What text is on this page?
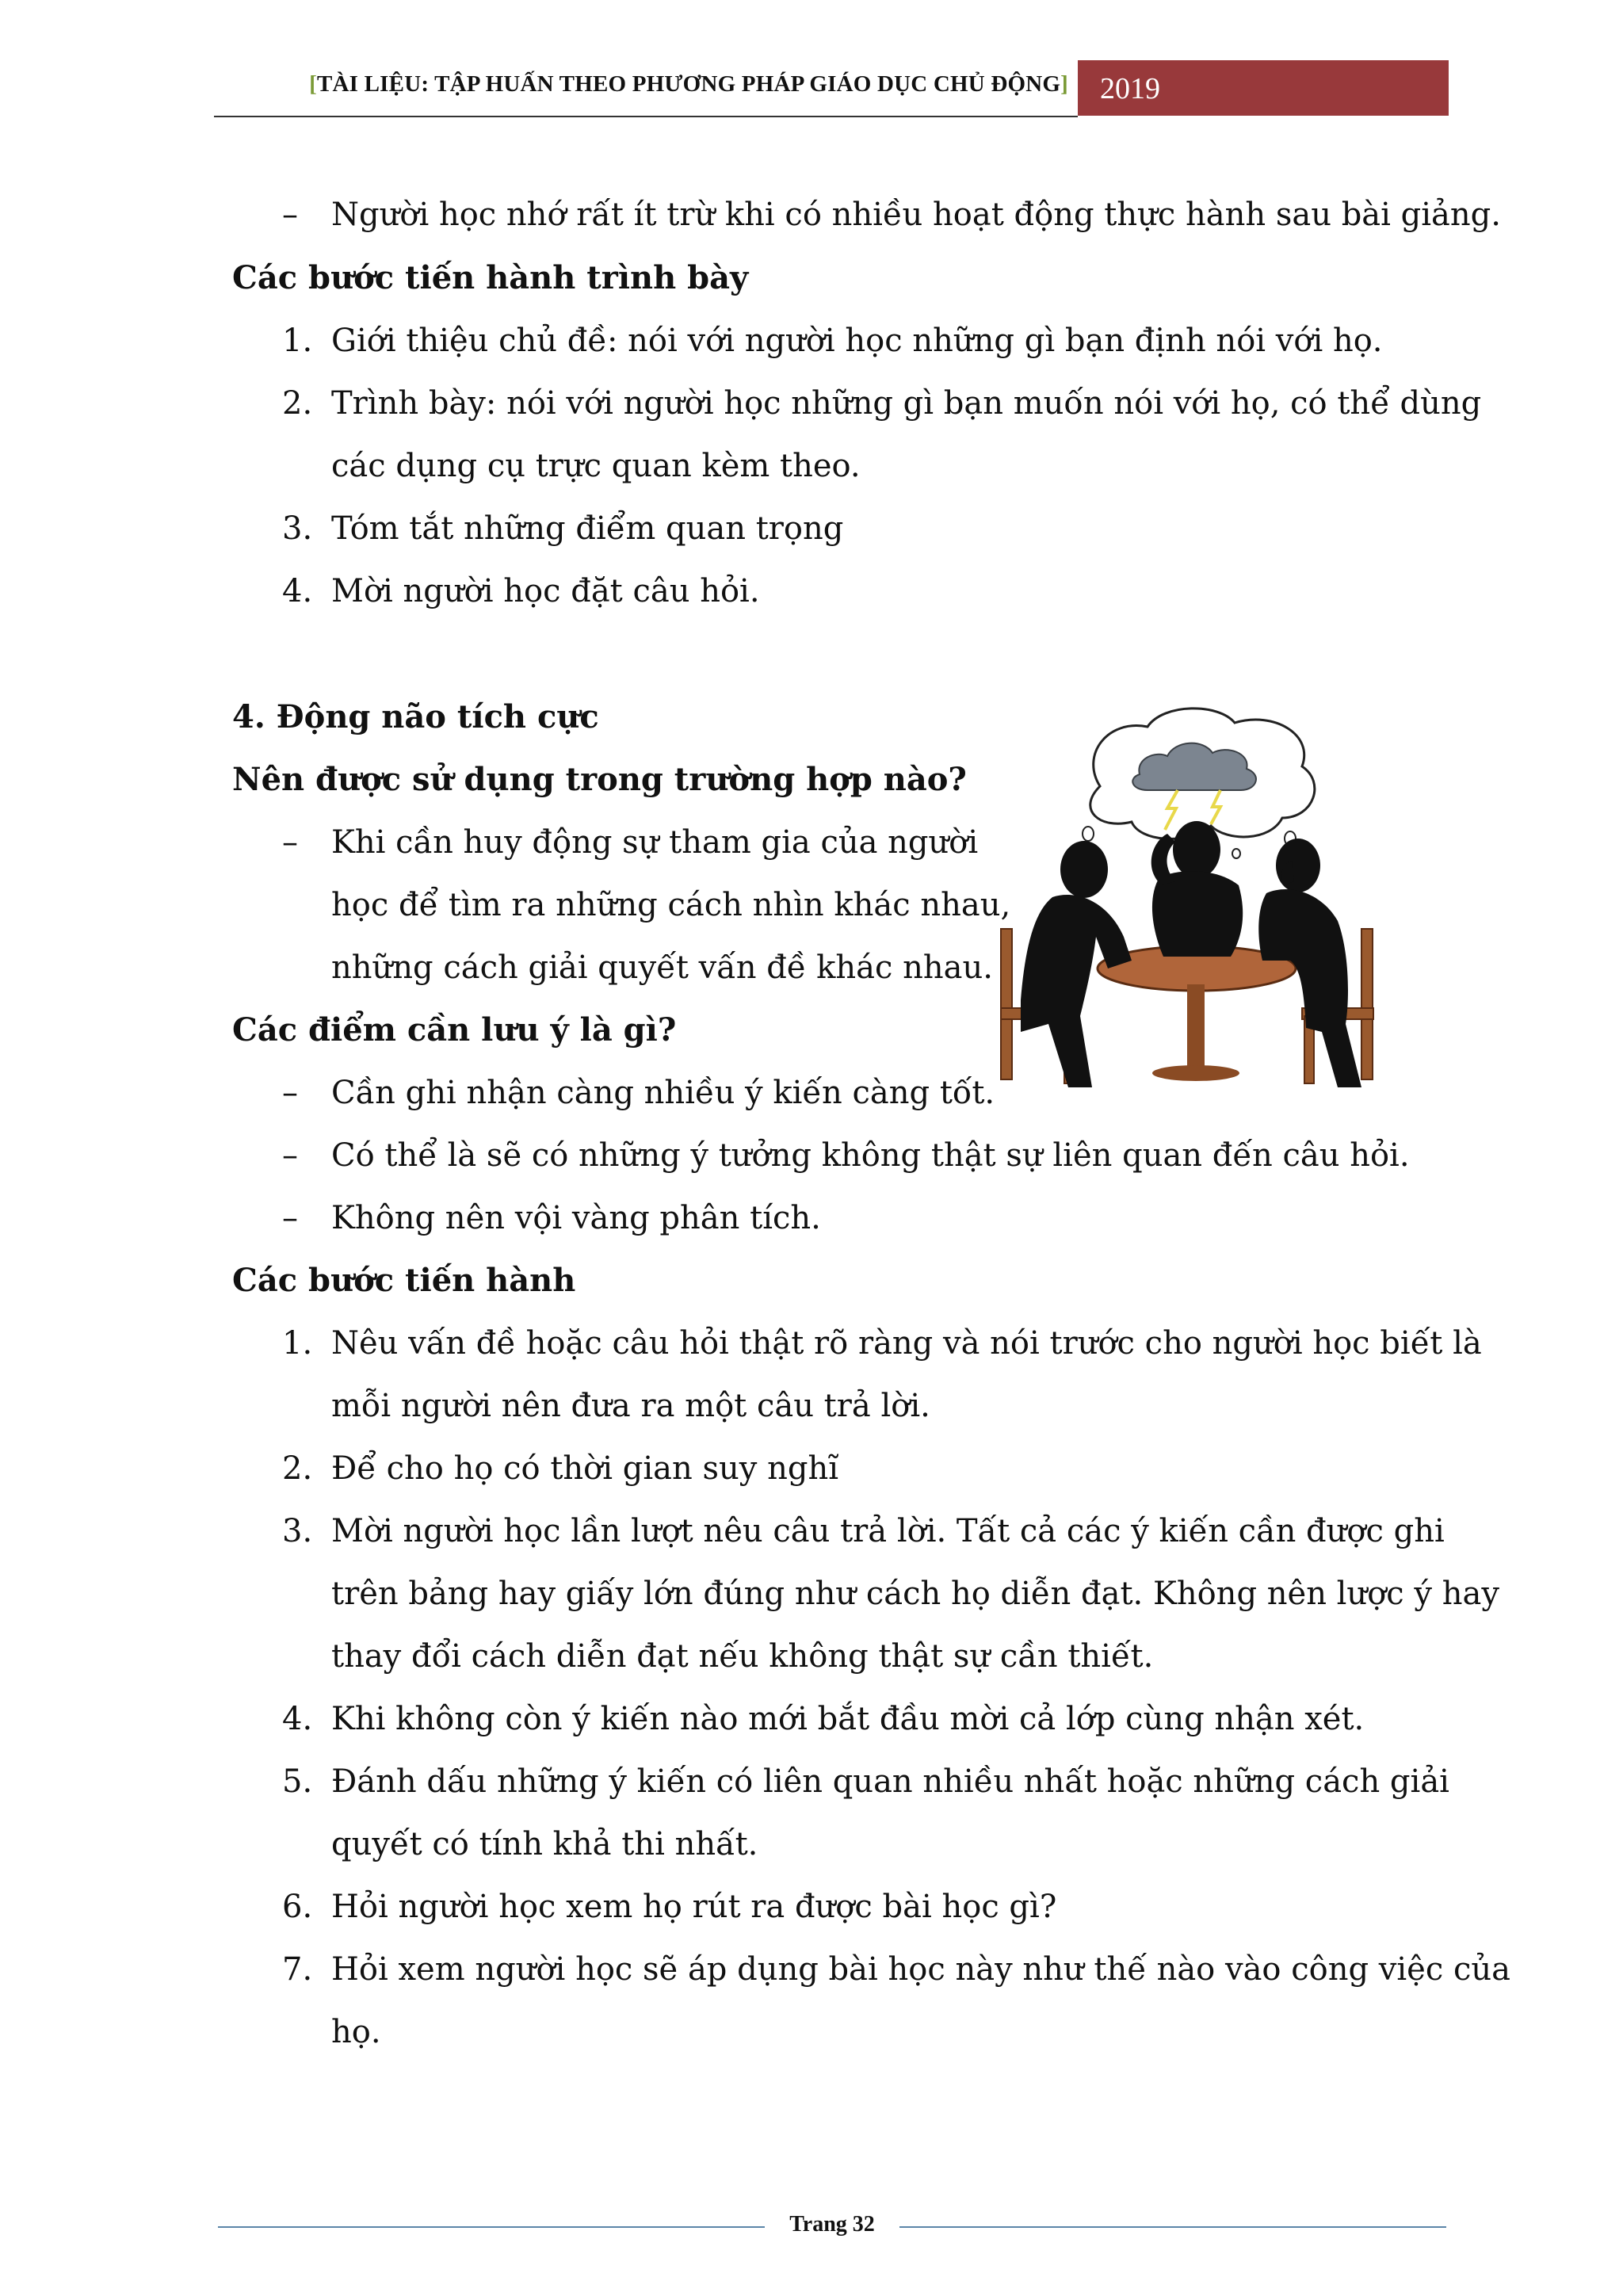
[TÀI LIỆU: TẬP HUẤN THEO PHƯƠNG PHÁP GIÁO DỤC CHỦ ĐỘNG] 2019
– Người học nhớ rất ít trừ khi có nhiều hoạt động thực hành sau bài giảng.
Các bước tiến hành trình bày
1. Giới thiệu chủ đề: nói với người học những gì bạn định nói với họ.
2. Trình bày: nói với người học những gì bạn muốn nói với họ, có thể dùng
các dụng cụ trực quan kèm theo.
3. Tóm tắt những điểm quan trọng
4. Mời người học đặt câu hỏi.
4. Động não tích cực
Nên được sử dụng trong trường hợp nào?
– Khi cần huy động sự tham gia của người
học để tìm ra những cách nhìn khác nhau,
những cách giải quyết vấn đề khác nhau.
Các điểm cần lưu ý là gì?
– Cần ghi nhận càng nhiều ý kiến càng tốt.
– Có thể là sẽ có những ý tưởng không thật sự liên quan đến câu hỏi.
– Không nên vội vàng phân tích.
Các bước tiến hành
1. Nêu vấn đề hoặc câu hỏi thật rõ ràng và nói trước cho người học biết là
mỗi người nên đưa ra một câu trả lời.
2. Để cho họ có thời gian suy nghĩ
3. Mời người học lần lượt nêu câu trả lời. Tất cả các ý kiến cần được ghi
trên bảng hay giấy lớn đúng như cách họ diễn đạt. Không nên lược ý hay
thay đổi cách diễn đạt nếu không thật sự cần thiết.
4. Khi không còn ý kiến nào mới bắt đầu mời cả lớp cùng nhận xét.
5. Đánh dấu những ý kiến có liên quan nhiều nhất hoặc những cách giải
quyết có tính khả thi nhất.
6. Hỏi người học xem họ rút ra được bài học gì?
7. Hỏi xem người học sẽ áp dụng bài học này như thế nào vào công việc của
họ.
Trang 32
